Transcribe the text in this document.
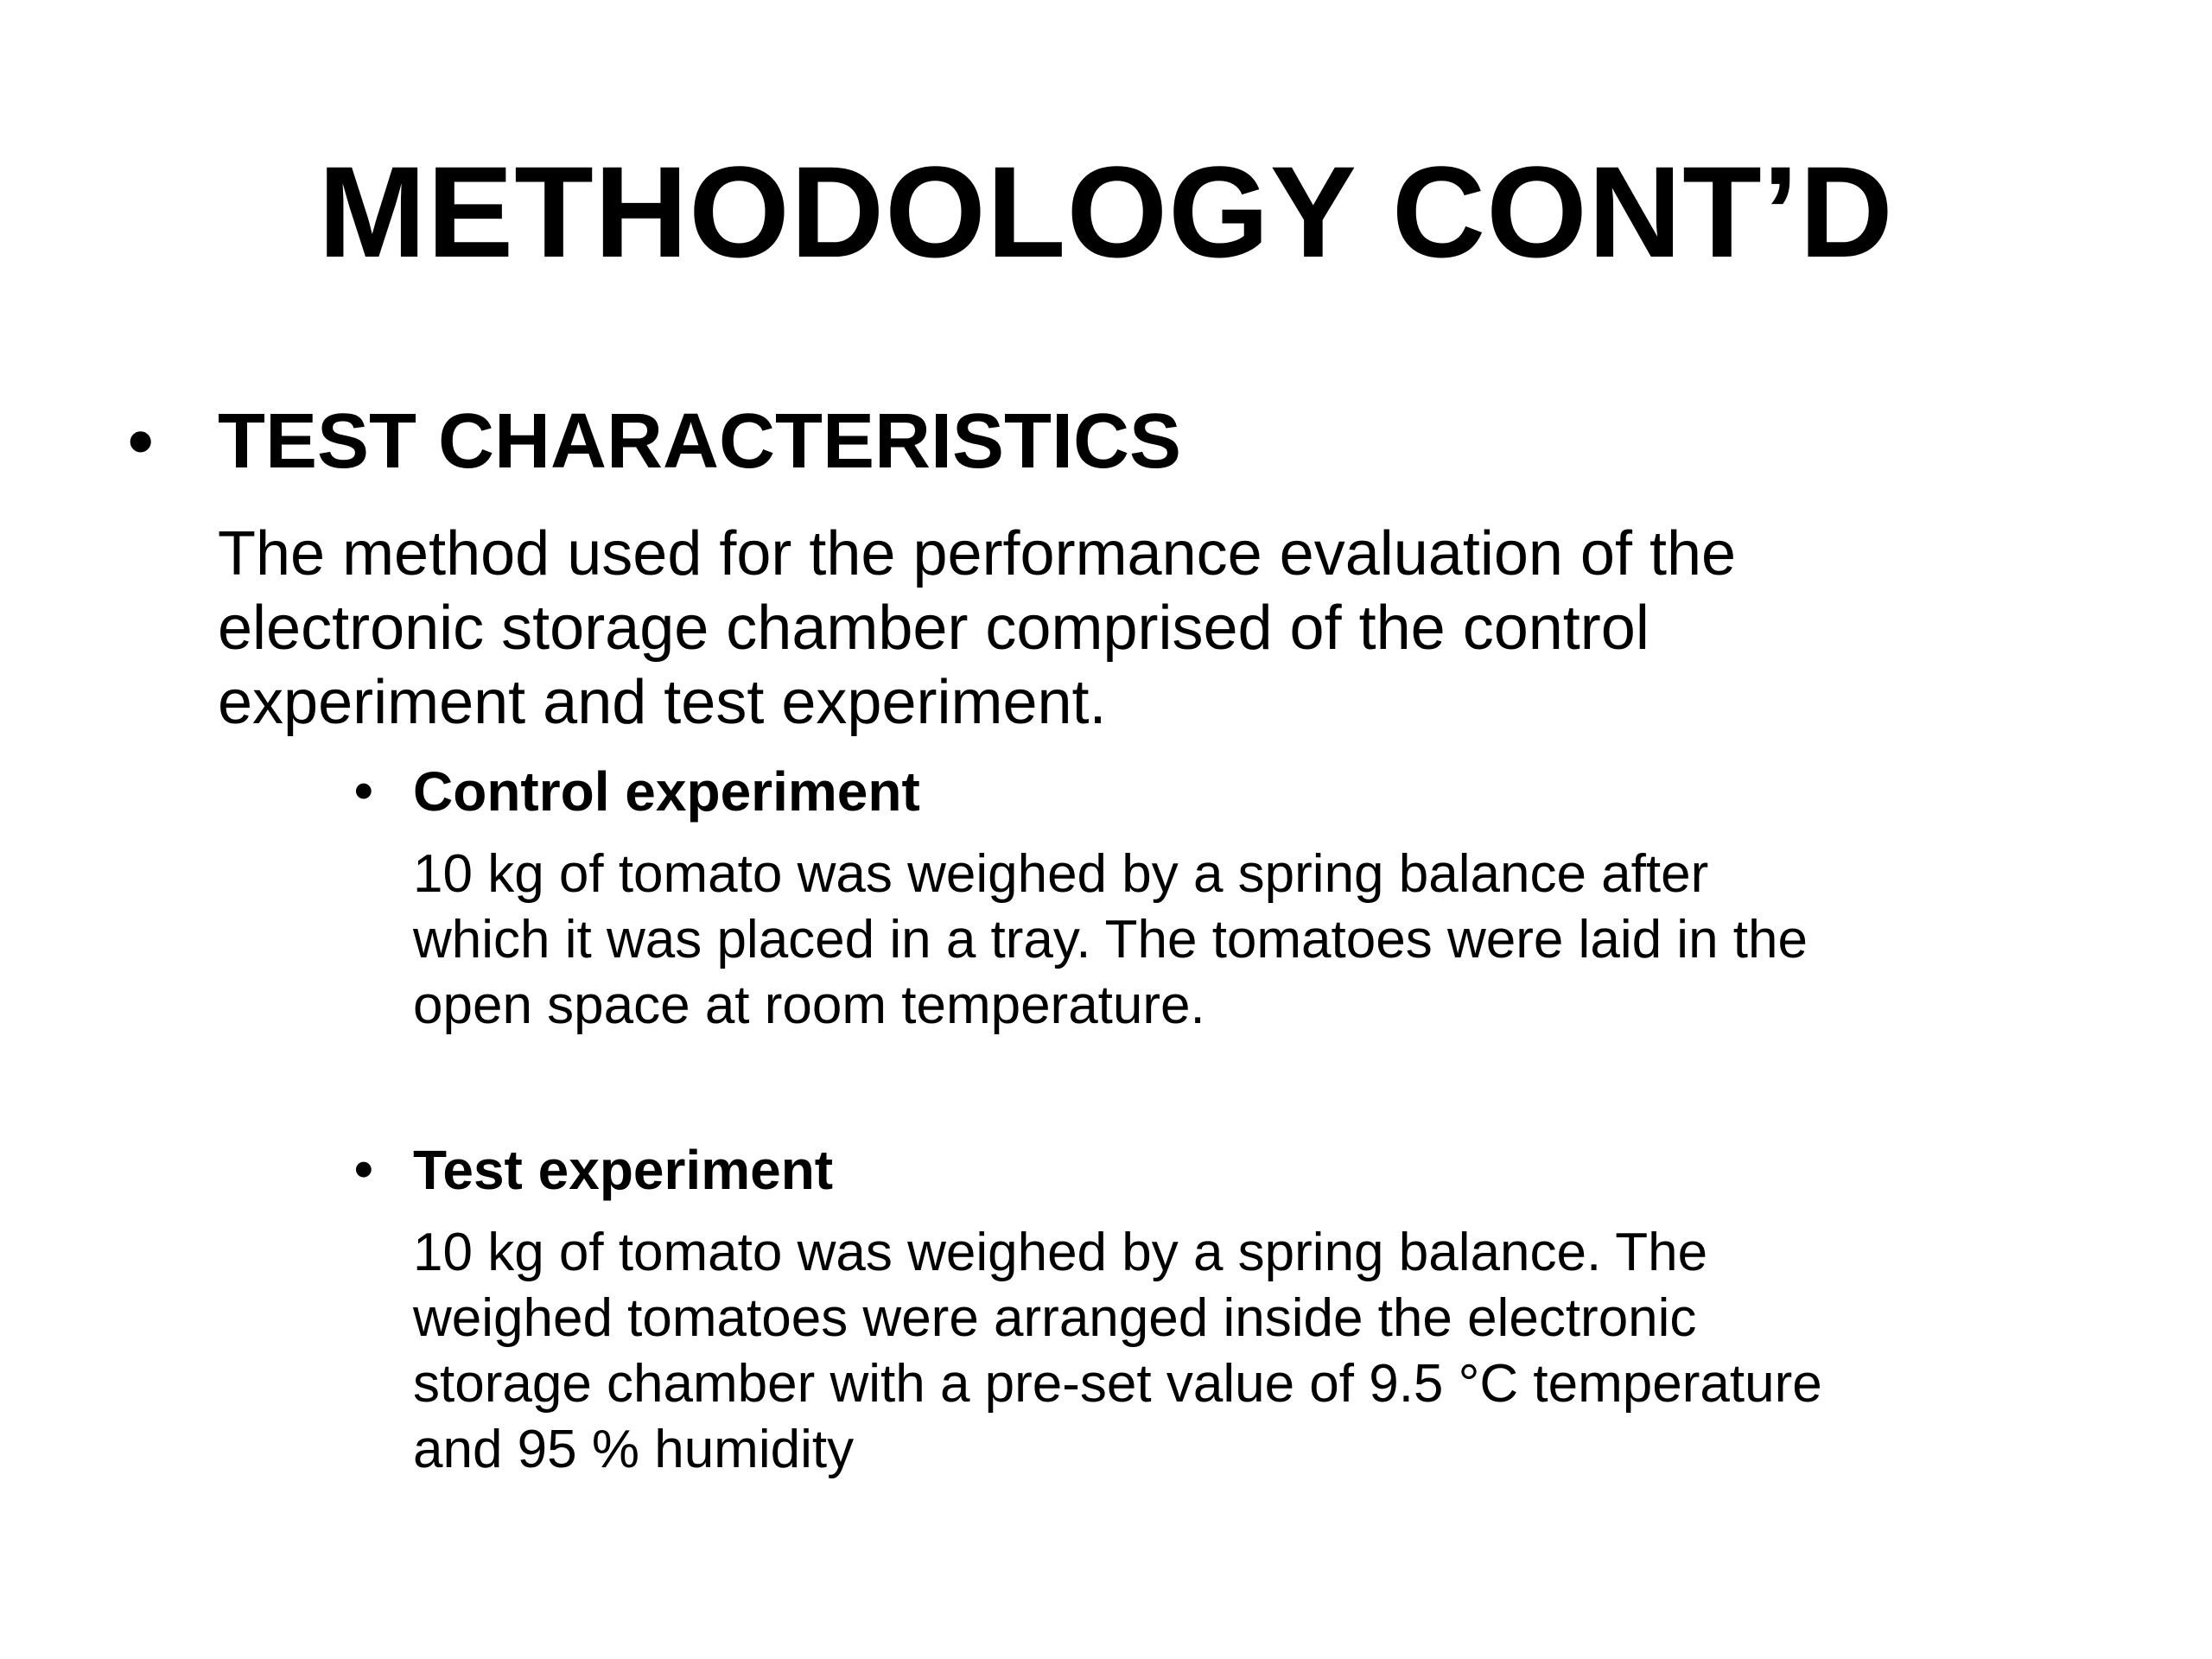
METHODOLOGY CONT’D
• TEST CHARACTERISTICS
The method used for the performance evaluation of the
electronic storage chamber comprised of the control
experiment and test experiment.
• Control experiment
10 kg of tomato was weighed by a spring balance after
which it was placed in a tray. The tomatoes were laid in the
open space at room temperature.
• Test experiment
10 kg of tomato was weighed by a spring balance. The
weighed tomatoes were arranged inside the electronic
storage chamber with a pre-set value of 9.5 °C temperature
and 95 % humidity
